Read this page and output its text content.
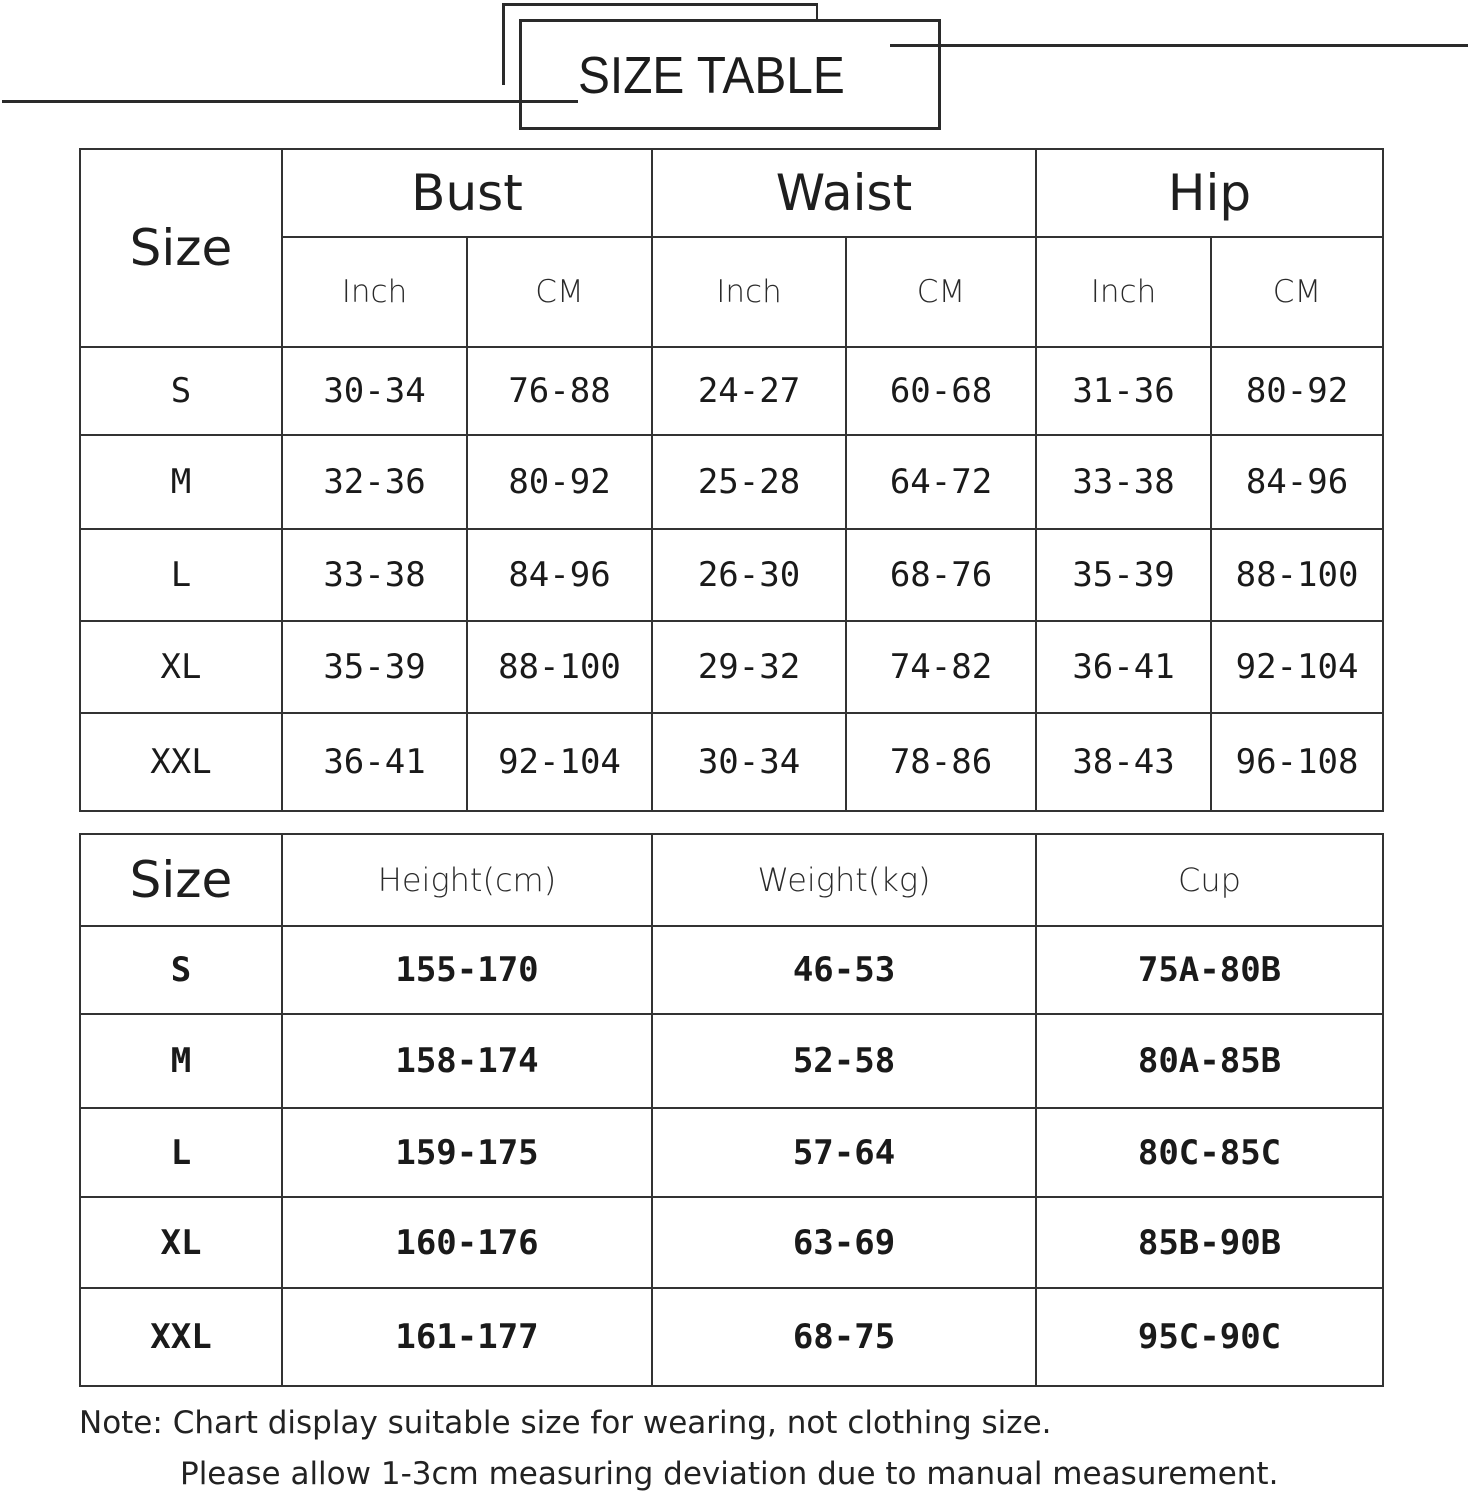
SIZE TABLE
Size	Bust		Waist		Hip	
	Inch	CM	Inch	CM	Inch	CM
S	30-34	76-88	24-27	60-68	31-36	80-92
M	32-36	80-92	25-28	64-72	33-38	84-96
L	33-38	84-96	26-30	68-76	35-39	88-100
XL	35-39	88-100	29-32	74-82	36-41	92-104
XXL	36-41	92-104	30-34	78-86	38-43	96-108
Size	Height(cm)	Weight(kg)	Cup
S	155-170	46-53	75A-80B
M	158-174	52-58	80A-85B
L	159-175	57-64	80C-85C
XL	160-176	63-69	85B-90B
XXL	161-177	68-75	95C-90C
Note: Chart display suitable size for wearing, not clothing size.
Please allow 1-3cm measuring deviation due to manual measurement.
